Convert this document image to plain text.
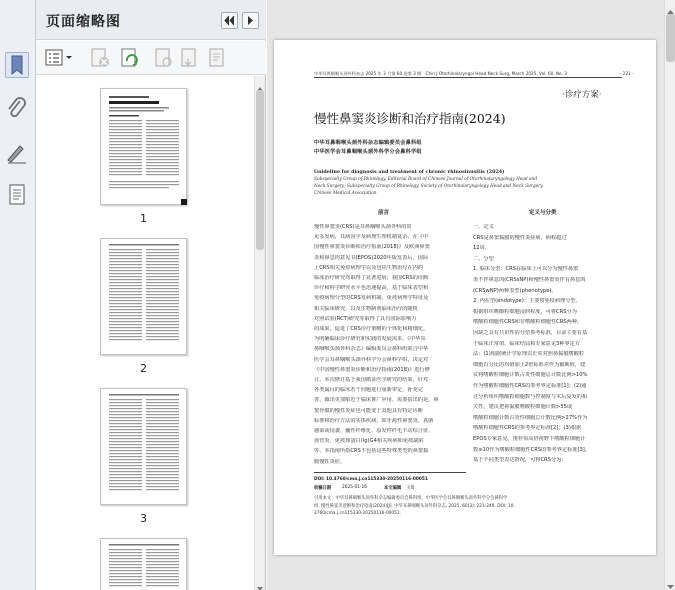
页面缩略图
1
2
3
中华耳鼻咽喉头颈外科杂志 2025 年 3 月第 60 卷第 3 期　Chin J Otorhinolaryngol Head Neck Surg, March 2025, Vol. 60, No. 3	· 221 ·
·诊疗方案·
慢性鼻窦炎诊断和治疗指南(2024)
中华耳鼻咽喉头颈外科杂志编辑委员会鼻科组
中华医学会耳鼻咽喉头颈外科学分会鼻科学组
Guideline for diagnosis and treatment of chronic rhinosinusitis (2024)
Subspecialty Group of Rhinology, Editorial Board of Chinese Journal of Otorhinolaryngology Head and
Neck Surgery; Subspecialty Group of Rhinology, Society of Otorhinolaryngology Head and Neck Surgery,
Chinese Medical Association
前言	定义与分类
慢性鼻窦炎(CRS)是耳鼻咽喉头颈外科的常
见多发病，其病因学及病理生理机制复杂。在《中
国慢性鼻窦炎诊断和治疗指南(2018)》及欧洲鼻窦
炎和鼻息肉意见书(EPOS)2020年版发表后，国际
上CRS相关免疫病理学以及包括生物治疗在内的
临床治疗研究均取得了显著进展；我国CRS的诊断
诊疗和科学研究水平也迅速提高，基于临床表型和
免疫病理分型的CRS发病机制、免疫病理学特征及
相关临床研究，以及生物制剂临床治疗的随机
对照试验(RCT)研究等取得了具有国际影响力
的成果，促进了CRS诊疗策略的个体化和精细化。
为明确临床诊疗研究和实践的发展需求，《中华耳
鼻咽喉头颈外科杂志》编辑委员会鼻科组联合中华
医学会耳鼻咽喉头颈外科学分会鼻科学组，决定对
《中国慢性鼻窦炎诊断和治疗指南(2018)》进行修
订。本次修订基于我国循证医学研究的结果，针对
各类属目的临床若干问题进行重新审定，补充完
善，做出更加贴近于临床推广应用。需要指出的是，鼻
窦骨膜的慢性炎症也可能变于其他具有特定诊断
标准和治疗方法的实体疾病，如牙源性鼻窦炎、真菌
感染或侵袭、囊性纤维化、原发性纤毛不动综合征、
血管炎、免疫球蛋白(Ig)G4相关疾病和免疫缺陷
等，本指南所指CRS不包括这些特殊类型的鼻窦黏
膜慢性炎症。
一、定义
CRS是鼻窦黏膜的慢性炎症病，病程超过
12周。
二、分型
1. 临床分型：CRS在临床上可以分为慢性鼻窦
炎不伴鼻息肉(CRSsNP)和慢性鼻窦炎伴有鼻息肉
(CRSwNP)两种表型(phenotype)。
2. 内在型(endotype)：主要按免疫病理分型。
根据组织嗜酸粒细胞浸润程度，可将CRS分为
嗜酸粒细胞性CRS和非嗜酸粒细胞性CRS两种，
因缺乏具有共识性的分型参考标准，目前主要有基
于临床正常值、临床结局和专家意见3种界定方
法：(1)根据统计学原理以正常对照鼻黏膜嗜酸粒
细胞百分比的均值加上2倍标准差作为截断值，建
议将嗜酸粒细胞计数占炎性细胞总计数比例>10%
作为嗜酸粒细胞性CRS的参考界定标准[1]；(2)通
过分析组织嗜酸粒细胞数与控制度与术后复发的相
关性，建议把鼻黏膜嗜酸粒细胞计数>55或
嗜酸粒细胞计数占炎性细胞总计数比例>27%作为
嗜酸粒细胞性CRS的参考界定标准[2]；(3)根据
EPOS专家意见，推荐每高倍视野下嗜酸粒细胞计
数≥10作为嗜酸粒细胞性CRS的参考界定标准[3]。
基于不同类型表达情况，可将CRS分为：
DOI: 10.3760/cma.j.cn115330-20250116-00051
收稿日期	2025-01-16	本文编辑 王琦
引用本文：中华耳鼻咽喉头颈外科杂志编辑委员会鼻科组，中华医学会耳鼻咽喉头颈外科学分会鼻科学
组. 慢性鼻窦炎诊断和治疗指南(2024)[J]. 中华耳鼻咽喉头颈外科杂志, 2025, 60(3): 221-249. DOI: 10.
3760/cma.j.cn115330-20250116-00051.
